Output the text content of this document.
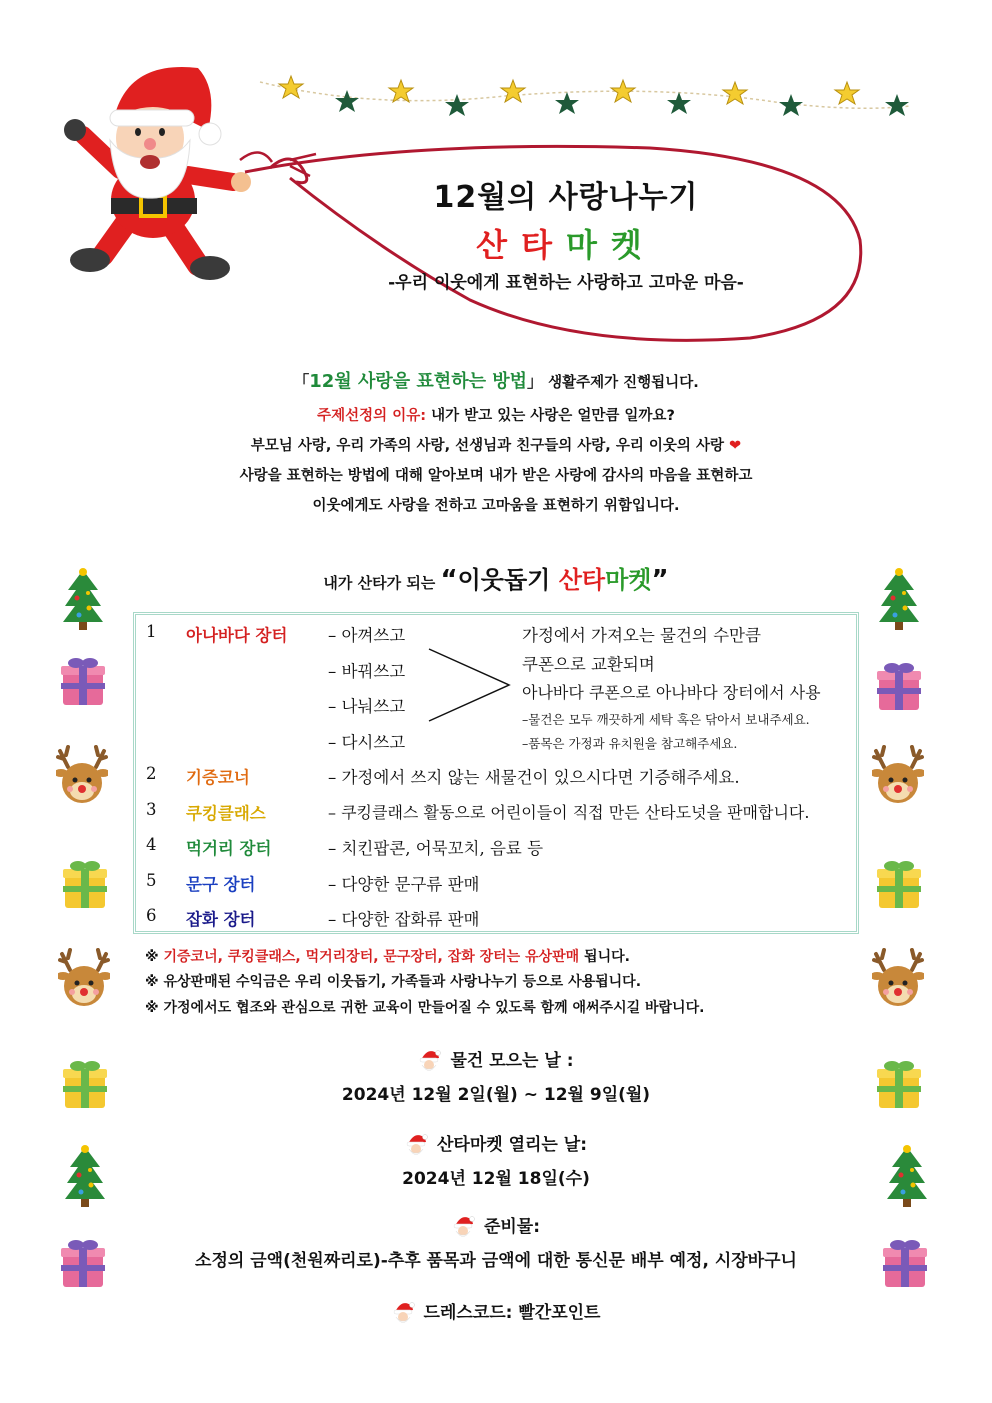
12월의 사랑나누기
산타마켓
-우리 이웃에게 표현하는 사랑하고 고마운 마음-
「12월 사랑을 표현하는 방법」 생활주제가 진행됩니다.
주제선정의 이유: 내가 받고 있는 사랑은 얼만큼 일까요?
부모님 사랑, 우리 가족의 사랑, 선생님과 친구들의 사랑, 우리 이웃의 사랑 ❤
사랑을 표현하는 방법에 대해 알아보며 내가 받은 사랑에 감사의 마음을 표현하고
이웃에게도 사랑을 전하고 고마움을 표현하기 위함입니다.
내가 산타가 되는 “이웃돕기 산타마켓”
1
2
3
4
5
6
아나바다 장터
기증코너
쿠킹클래스
먹거리 장터
문구 장터
잡화 장터
– 아껴쓰고
– 바꿔쓰고
– 나눠쓰고
– 다시쓰고
가정에서 가져오는 물건의 수만큼
쿠폰으로 교환되며
아나바다 쿠폰으로 아나바다 장터에서 사용
–물건은 모두 깨끗하게 세탁 혹은 닦아서 보내주세요.
–품목은 가정과 유치원을 참고해주세요.
– 가정에서 쓰지 않는 새물건이 있으시다면 기증해주세요.
– 쿠킹클래스 활동으로 어린이들이 직접 만든 산타도넛을 판매합니다.
– 치킨팝콘, 어묵꼬치, 음료 등
– 다양한 문구류 판매
– 다양한 잡화류 판매
※ 기증코너, 쿠킹클래스, 먹거리장터, 문구장터, 잡화 장터는 유상판매 됩니다.
※ 유상판매된 수익금은 우리 이웃돕기, 가족들과 사랑나누기 등으로 사용됩니다.
※ 가정에서도 협조와 관심으로 귀한 교육이 만들어질 수 있도록 함께 애써주시길 바랍니다.
물건 모으는 날 :
2024년 12월 2일(월) ~ 12월 9일(월)
산타마켓 열리는 날:
2024년 12월 18일(수)
준비물:
소정의 금액(천원짜리로)-추후 품목과 금액에 대한 통신문 배부 예정, 시장바구니
드레스코드: 빨간포인트
